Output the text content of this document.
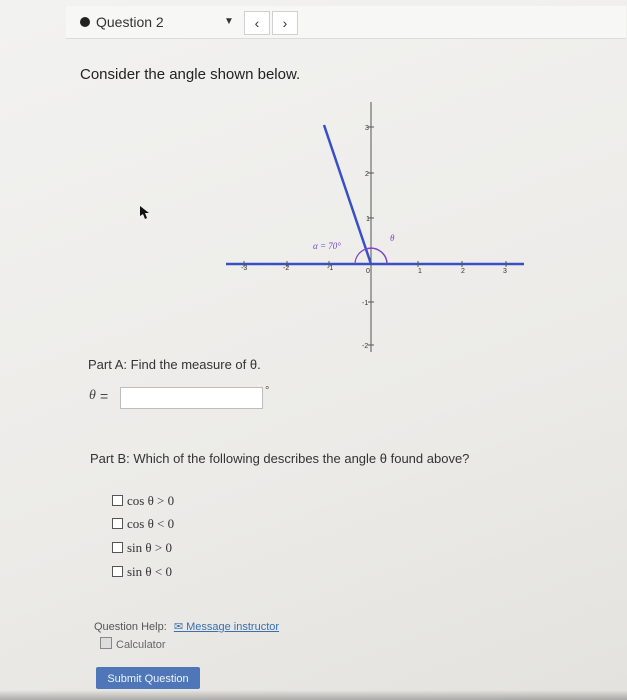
Question 2	▼	‹	›
Consider the angle shown below.
-3	-2	-1	0	1	2	3
3
2
1
-1
-2
α = 70°
θ
Part A: Find the measure of θ.
θ =	°
Part B: Which of the following describes the angle θ found above?
cos θ > 0
cos θ < 0
sin θ > 0
sin θ < 0
Question Help: ✉ Message instructor
Calculator
Submit Question
